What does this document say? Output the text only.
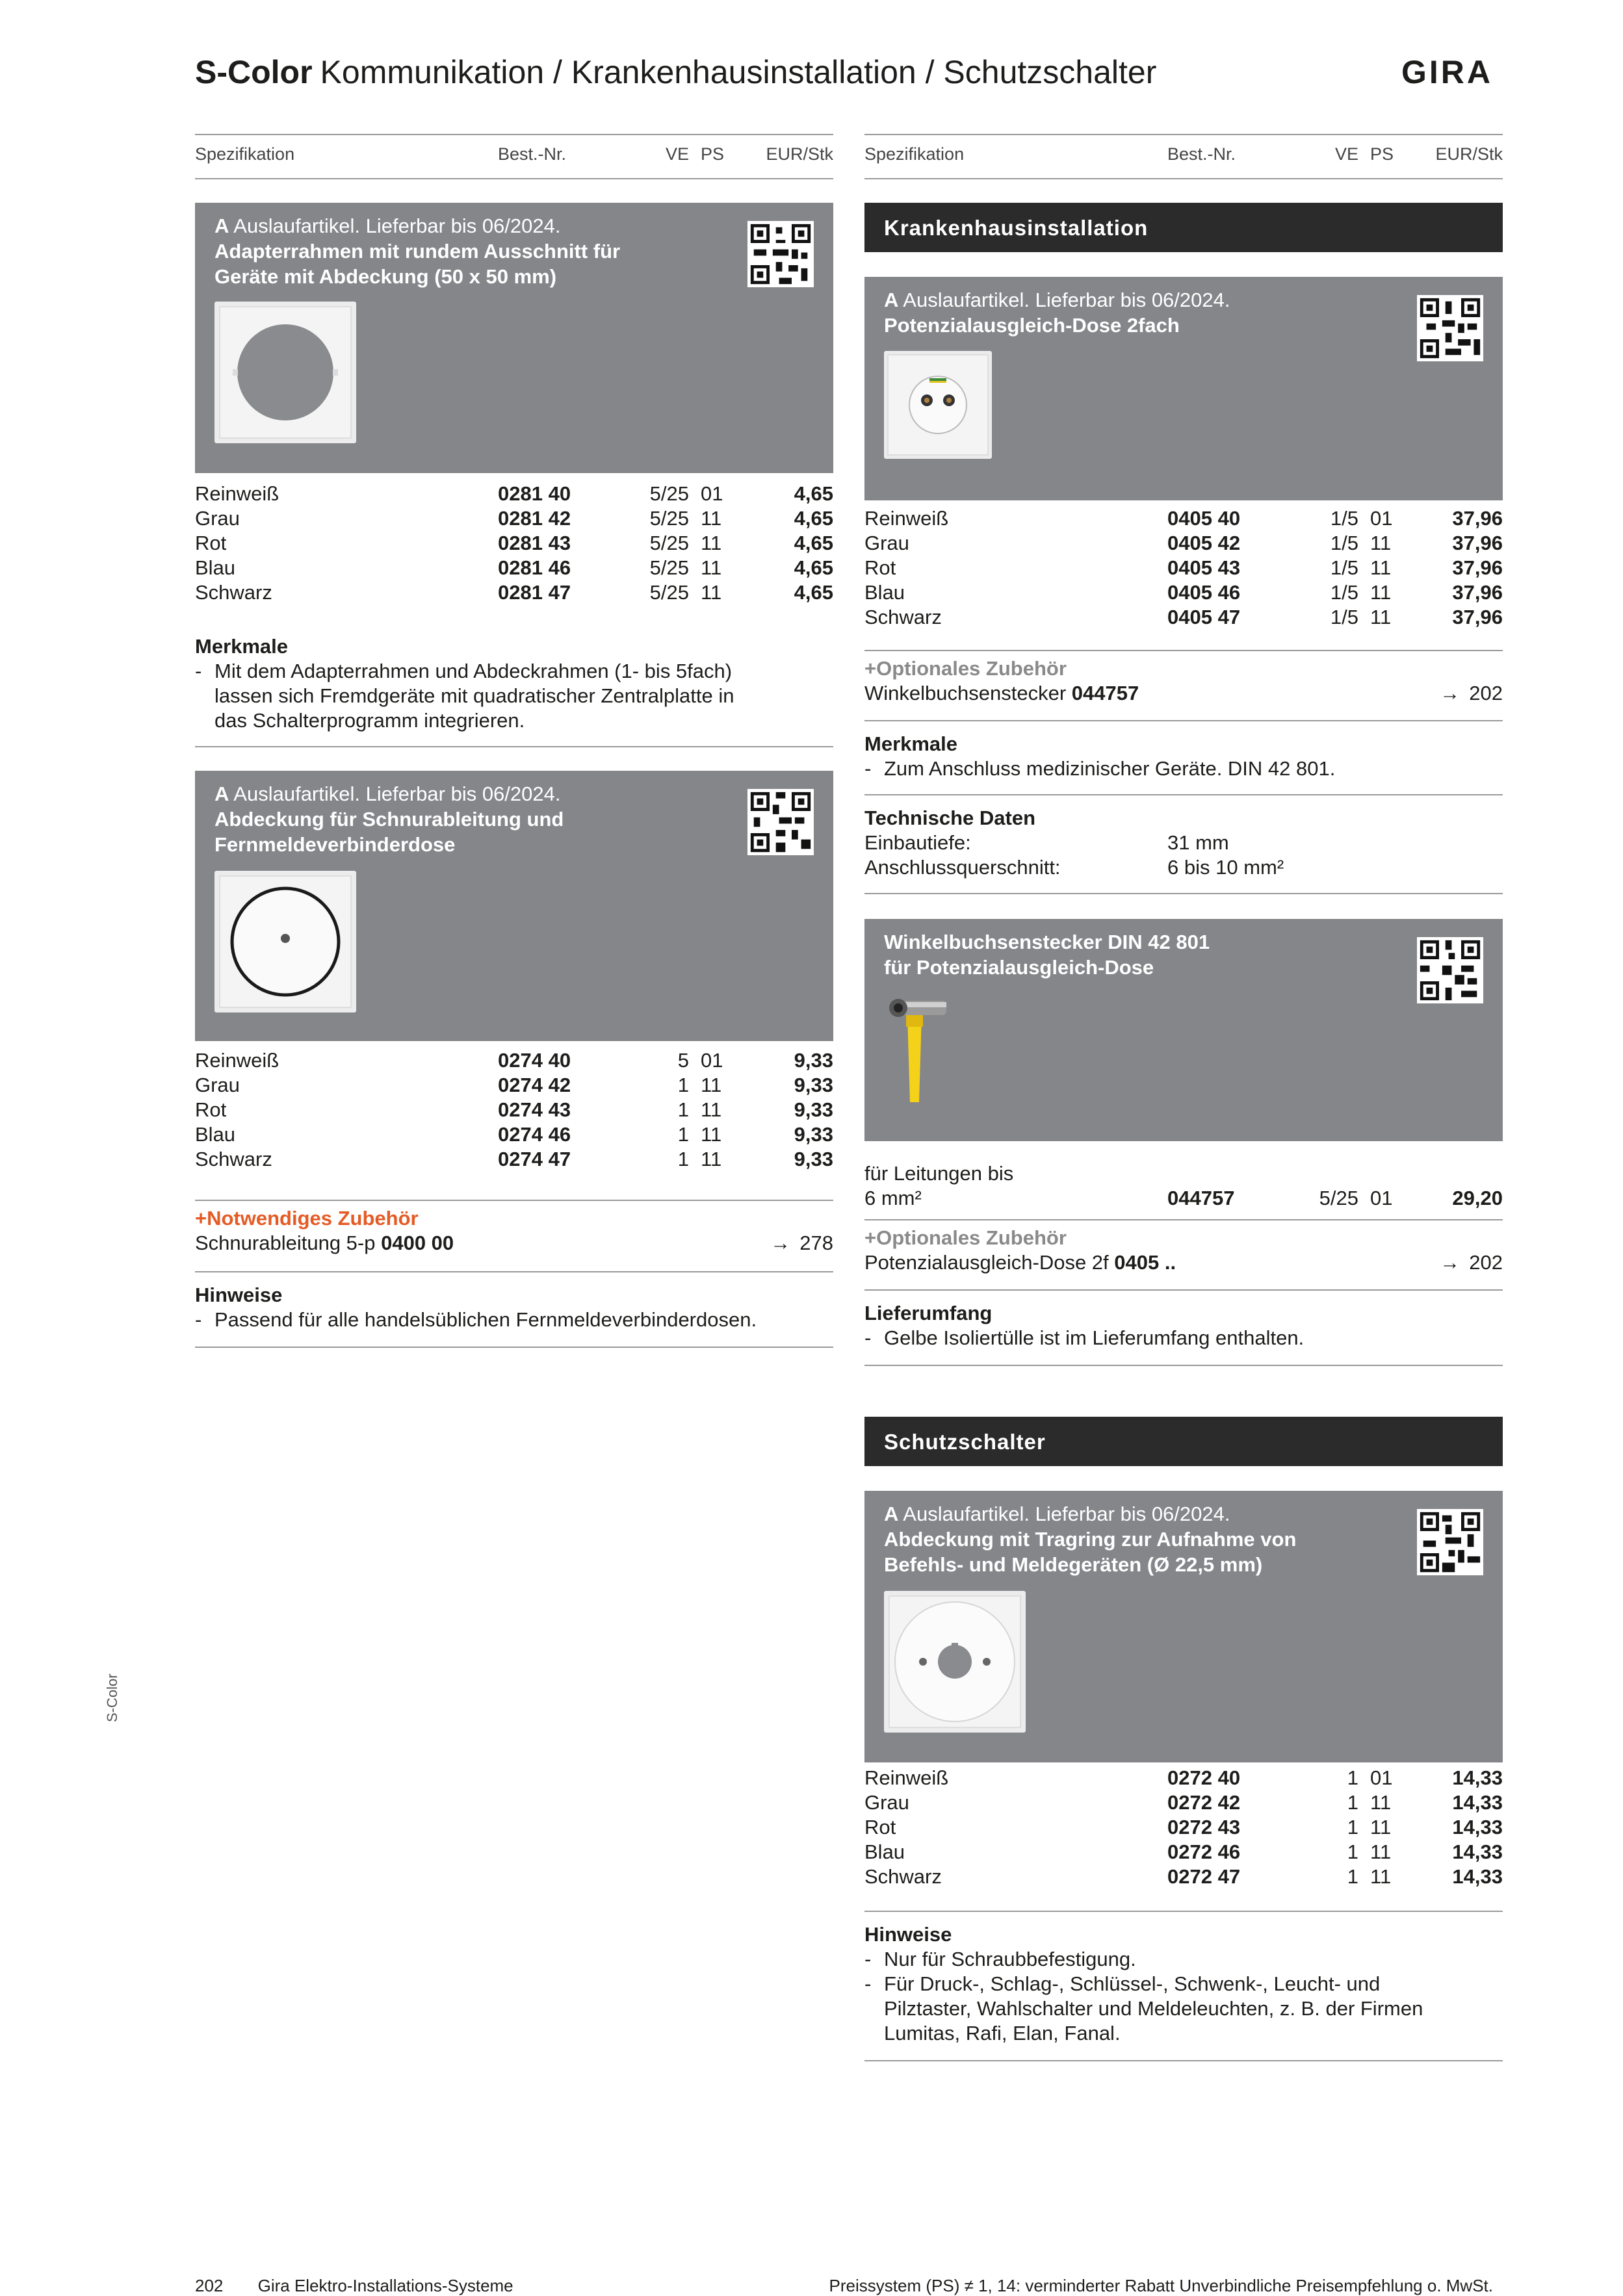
S-Color Kommunikation / Krankenhausinstallation / Schutzschalter	GIRA
S-Color
Spezifikation	Best.-Nr.	VE PS EUR/Stk
A Auslaufartikel. Lieferbar bis 06/2024.
Adapterrahmen mit rundem Ausschnitt für
Geräte mit Abdeckung (50 x 50 mm)
Reinweiß	0281 40	5/25 01	4,65
Grau	0281 42	5/25 11	4,65
Rot	0281 43	5/25 11	4,65
Blau	0281 46	5/25 11	4,65
Schwarz	0281 47	5/25 11	4,65
Merkmale
- Mit dem Adapterrahmen und Abdeckrahmen (1- bis 5fach)
lassen sich Fremdgeräte mit quadratischer Zentralplatte in
das Schalterprogramm integrieren.
A Auslaufartikel. Lieferbar bis 06/2024.
Abdeckung für Schnurableitung und
Fernmeldeverbinderdose
Reinweiß	0274 40	5 01	9,33
Grau	0274 42	1 11	9,33
Rot	0274 43	1 11	9,33
Blau	0274 46	1 11	9,33
Schwarz	0274 47	1 11	9,33
+Notwendiges Zubehör
Schnurableitung 5-p 0400 00	→ 278
Hinweise
- Passend für alle handelsüblichen Fernmeldeverbinderdosen.
Spezifikation	Best.-Nr.	VE PS EUR/Stk
Krankenhausinstallation
A Auslaufartikel. Lieferbar bis 06/2024.
Potenzialausgleich-Dose 2fach
Reinweiß	0405 40	1/5 01	37,96
Grau	0405 42	1/5 11	37,96
Rot	0405 43	1/5 11	37,96
Blau	0405 46	1/5 11	37,96
Schwarz	0405 47	1/5 11	37,96
+Optionales Zubehör
Winkelbuchsenstecker 044757	→ 202
Merkmale
- Zum Anschluss medizinischer Geräte. DIN 42 801.
Technische Daten
Einbautiefe:	31 mm
Anschlussquerschnitt:	6 bis 10 mm²
Winkelbuchsenstecker DIN 42 801
für Potenzialausgleich-Dose
für Leitungen bis
6 mm²	044757	5/25 01	29,20
+Optionales Zubehör
Potenzialausgleich-Dose 2f 0405 ..	→ 202
Lieferumfang
- Gelbe Isoliertülle ist im Lieferumfang enthalten.
Schutzschalter
A Auslaufartikel. Lieferbar bis 06/2024.
Abdeckung mit Tragring zur Aufnahme von
Befehls- und Meldegeräten (Ø 22,5 mm)
Reinweiß	0272 40	1 01	14,33
Grau	0272 42	1 11	14,33
Rot	0272 43	1 11	14,33
Blau	0272 46	1 11	14,33
Schwarz	0272 47	1 11	14,33
Hinweise
- Nur für Schraubbefestigung.
- Für Druck-, Schlag-, Schlüssel-, Schwenk-, Leucht- und
Pilztaster, Wahlschalter und Meldeleuchten, z. B. der Firmen
Lumitas, Rafi, Elan, Fanal.
202 Gira Elektro-Installations-Systeme	Preissystem (PS) ≠ 1, 14: verminderter Rabatt Unverbindliche Preisempfehlung o. MwSt.
